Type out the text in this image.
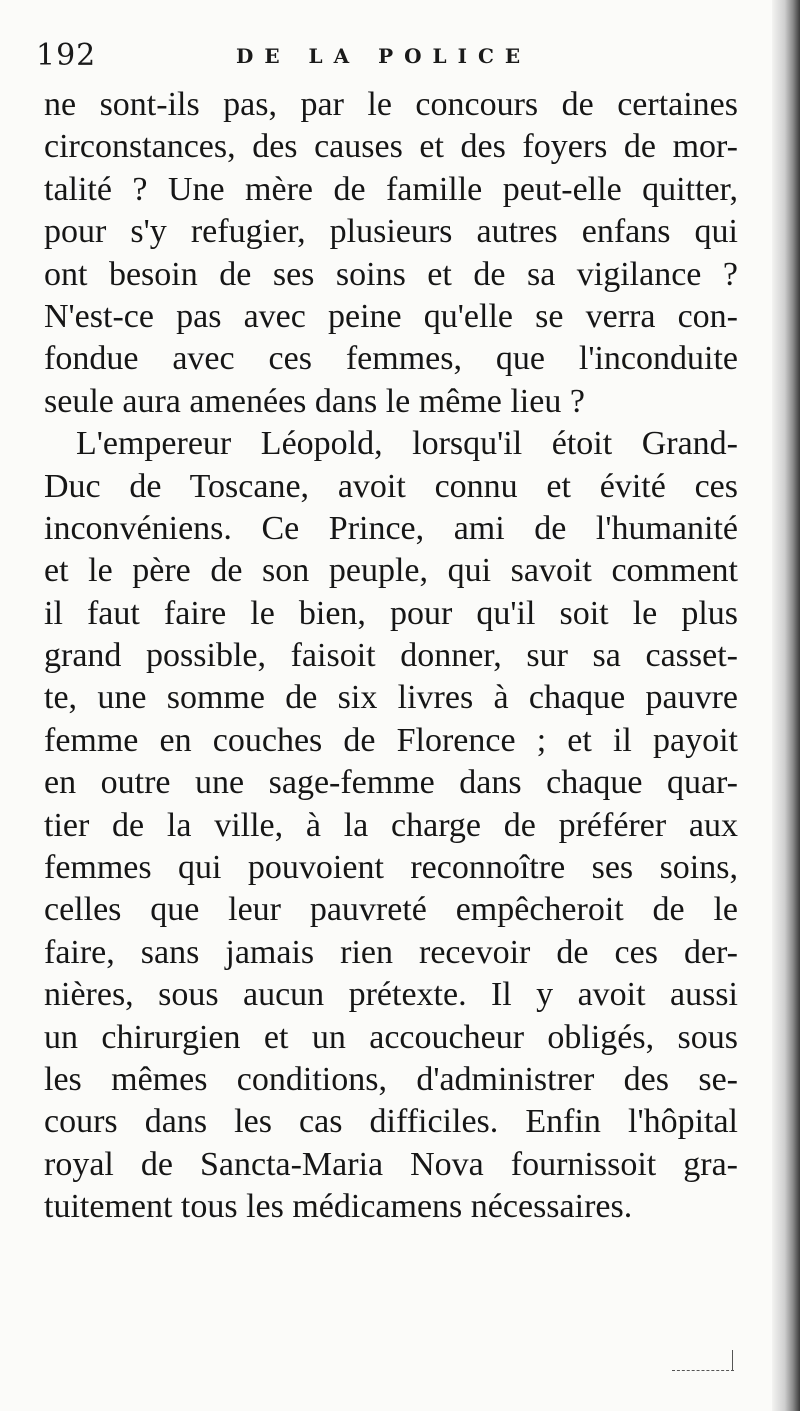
192	DE LA POLICE
ne sont-ils pas, par le concours de certaines
circonstances, des causes et des foyers de mor-
talité ? Une mère de famille peut-elle quitter,
pour s'y refugier, plusieurs autres enfans qui
ont besoin de ses soins et de sa vigilance ?
N'est-ce pas avec peine qu'elle se verra con-
fondue avec ces femmes, que l'inconduite
seule aura amenées dans le même lieu ?
L'empereur Léopold, lorsqu'il étoit Grand-
Duc de Toscane, avoit connu et évité ces
inconvéniens. Ce Prince, ami de l'humanité
et le père de son peuple, qui savoit comment
il faut faire le bien, pour qu'il soit le plus
grand possible, faisoit donner, sur sa casset-
te, une somme de six livres à chaque pauvre
femme en couches de Florence ; et il payoit
en outre une sage-femme dans chaque quar-
tier de la ville, à la charge de préférer aux
femmes qui pouvoient reconnoître ses soins,
celles que leur pauvreté empêcheroit de le
faire, sans jamais rien recevoir de ces der-
nières, sous aucun prétexte. Il y avoit aussi
un chirurgien et un accoucheur obligés, sous
les mêmes conditions, d'administrer des se-
cours dans les cas difficiles. Enfin l'hôpital
royal de Sancta-Maria Nova fournissoit gra-
tuitement tous les médicamens nécessaires.
